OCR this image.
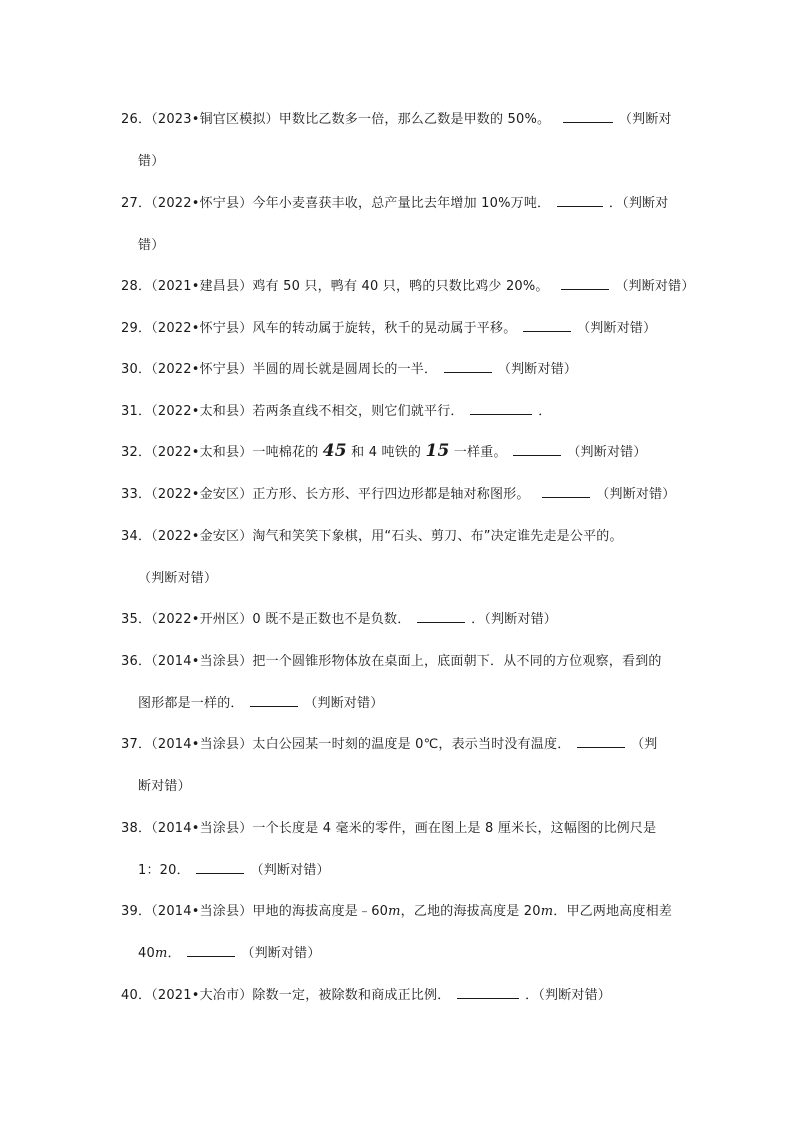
26．（2023•铜官区模拟）甲数比乙数多一倍，那么乙数是甲数的 50%。	（判断对
错）
27．（2022•怀宁县）今年小麦喜获丰收，总产量比去年增加 10%万吨．	．（判断对
错）
28．（2021•建昌县）鸡有 50 只，鸭有 40 只，鸭的只数比鸡少 20%。	（判断对错）
29．（2022•怀宁县）风车的转动属于旋转，秋千的晃动属于平移。	（判断对错）
30．（2022•怀宁县）半圆的周长就是圆周长的一半．	（判断对错）
31．（2022•太和县）若两条直线不相交，则它们就平行．	．
32．（2022•太和县）一吨棉花的 45 和 4 吨铁的 15 一样重。	（判断对错）
33．（2022•金安区）正方形、长方形、平行四边形都是轴对称图形。	（判断对错）
34．（2022•金安区）淘气和笑笑下象棋，用“石头、剪刀、布”决定谁先走是公平的。
（判断对错）
35．（2022•开州区）0 既不是正数也不是负数．	．（判断对错）
36．（2014•当涂县）把一个圆锥形物体放在桌面上，底面朝下．从不同的方位观察，看到的
图形都是一样的．	（判断对错）
37．（2014•当涂县）太白公园某一时刻的温度是 0℃，表示当时没有温度．	（判
断对错）
38．（2014•当涂县）一个长度是 4 毫米的零件，画在图上是 8 厘米长，这幅图的比例尺是
1：20．	（判断对错）
39．（2014•当涂县）甲地的海拔高度是﹣60m，乙地的海拔高度是 20m．甲乙两地高度相差
40m．	（判断对错）
40．（2021•大冶市）除数一定，被除数和商成正比例．	．（判断对错）
